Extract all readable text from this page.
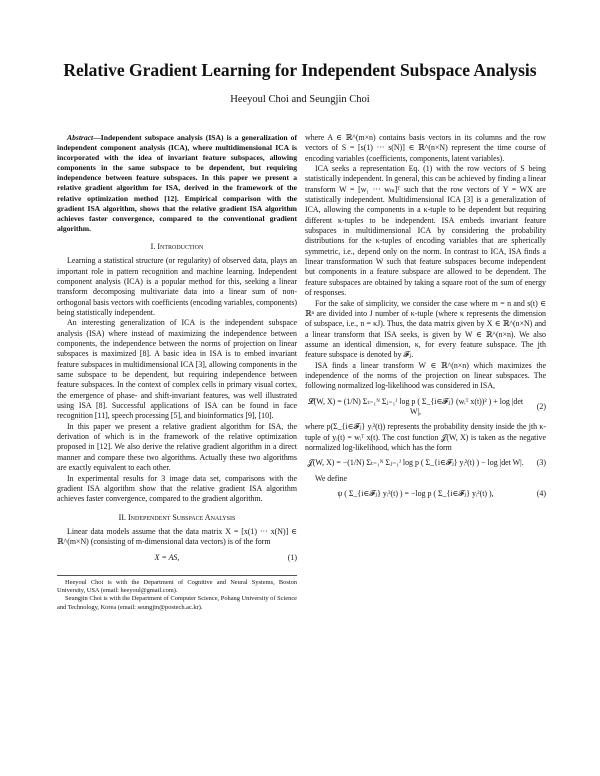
Relative Gradient Learning for Independent Subspace Analysis
Heeyoul Choi and Seungjin Choi

Abstract—Independent subspace analysis (ISA) is a generalization of independent component analysis (ICA), where multidimensional ICA is incorporated with the idea of invariant feature subspaces, allowing components in the same subspace to be dependent, but requiring independence between feature subspaces. In this paper we present a relative gradient algorithm for ISA, derived in the framework of the relative optimization method [12]. Empirical comparison with the gradient ISA algorithm, shows that the relative gradient ISA algorithm achieves faster convergence, compared to the conventional gradient algorithm.

I. Introduction

Learning a statistical structure (or regularity) of observed data, plays an important role in pattern recognition and machine learning. Independent component analysis (ICA) is a popular method for this, seeking a linear transform decomposing multivariate data into a linear sum of non-orthogonal basis vectors with coefficients (encoding variables, components) being statistically independent.

An interesting generalization of ICA is the independent subspace analysis (ISA) where instead of maximizing the independence between components, the independence between the norms of projection on linear subspaces is maximized [8]. A basic idea in ISA is to embed invariant feature subspaces in multidimensional ICA [3], allowing components in the same subspace to be dependent, but requiring independence between feature subspaces. In the context of complex cells in primary visual cortex, the emergence of phase- and shift-invariant features, was well illustrated using ISA [8]. Successful applications of ISA can be found in face recognition [11], speech processing [5], and bioinformatics [9], [10].

In this paper we present a relative gradient algorithm for ISA, the derivation of which is in the framework of the relative optimization proposed in [12]. We also derive the relative gradient algorithm in a direct manner and compare these two algorithms. Actually these two algorithms are exactly equivalent to each other.

In experimental results for 3 image data set, comparisons with the gradient ISA algorithm show that the relative gradient ISA algorithm achieves faster convergence, compared to the gradient algorithm.

II. Independent Subspace Analysis

Linear data models assume that the data matrix X = [x(1) ··· x(N)] ∈ ℝ^(m×N) (consisting of m-dimensional data vectors) is of the form

X = AS,	(1)

Heeyoul Choi is with the Department of Cognitive and Neural Systems, Boston University, USA (email: heeyoul@gmail.com).

Seungjin Choi is with the Department of Computer Science, Pohang University of Science and Technology, Korea (email: seungjin@postech.ac.kr).

where A ∈ ℝ^(m×n) contains basis vectors in its columns and the row vectors of S = [s(1) ··· s(N)] ∈ ℝ^(n×N) represent the time course of encoding variables (coefficients, components, latent variables).

ICA seeks a representation Eq. (1) with the row vectors of S being statistically independent. In general, this can be achieved by finding a linear transform W = [w₁ ··· wₘ]ᵀ such that the row vectors of Y = WX are statistically independent. Multidimensional ICA [3] is a generalization of ICA, allowing the components in a κ-tuple to be dependent but requiring different κ-tuples to be independent. ISA embeds invariant feature subspaces in multidimensional ICA by considering the probability distributions for the κ-tuples of encoding variables that are spherically symmetric, i.e., depend only on the norm. In contrast to ICA, ISA finds a linear transformation W such that feature subspaces become independent but components in a feature subspace are allowed to be dependent. The feature subspaces are obtained by taking a square root of the sum of energy of responses.

For the sake of simplicity, we consider the case where m = n and s(t) ∈ ℝⁿ are divided into J number of κ-tuple (where κ represents the dimension of subspace, i.e., n = κJ). Thus, the data matrix given by X ∈ ℝ^(n×N) and a linear transform that ISA seeks, is given by W ∈ ℝ^(n×n). We also assume an identical dimension, κ, for every feature subspace. The jth feature subspace is denoted by 𝓕ⱼ.

ISA finds a linear transform W ∈ ℝ^(n×n) which maximizes the independence of the norms of the projection on linear subspaces. The following normalized log-likelihood was considered in ISA,

𝓛(W, X) = (1/N) Σₜ₌₁ᴺ Σⱼ₌₁ᴶ log p ( Σ_{i∈𝓕ⱼ} (wᵢᵀ x(t))² ) + log |det W|,
(2)

where p(Σ_{i∈𝓕ⱼ} yᵢ²(t)) represents the probability density inside the jth κ-tuple of yᵢ(t) = wᵢᵀ x(t). The cost function 𝒥(W, X) is taken as the negative normalized log-likelihood, which has the form

𝒥(W, X) = −(1/N) Σₜ₌₁ᴺ Σⱼ₌₁ᴶ log p ( Σ_{i∈𝓕ⱼ} yᵢ²(t) ) − log |det W|.	(3)

We define

ψ ( Σ_{i∈𝓕ⱼ} yᵢ²(t) ) = −log p ( Σ_{i∈𝓕ⱼ} yᵢ²(t) ),	(4)
